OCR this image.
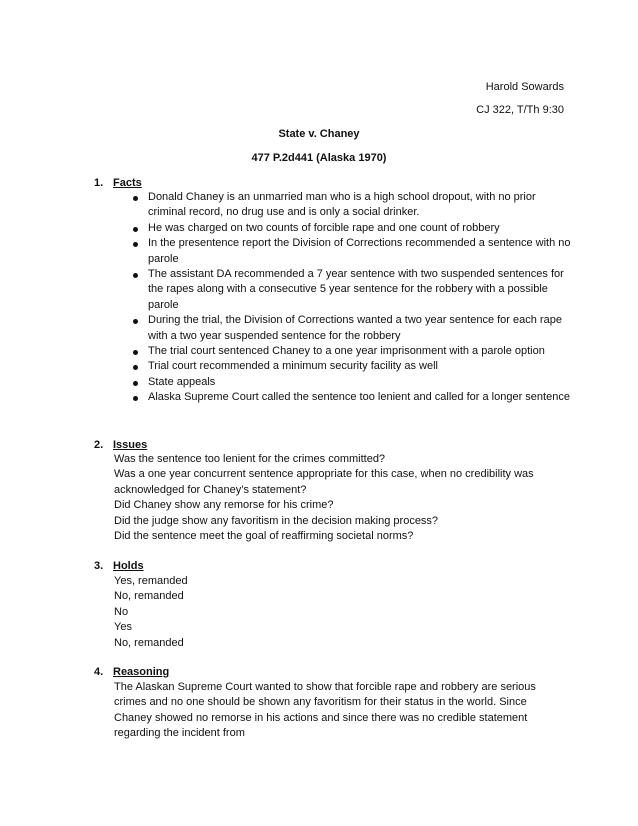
Harold Sowards
CJ 322, T/Th 9:30
State v. Chaney
477 P.2d441 (Alaska 1970)
1. Facts
Donald Chaney is an unmarried man who is a high school dropout, with no prior criminal record, no drug use and is only a social drinker.
He was charged on two counts of forcible rape and one count of robbery
In the presentence report the Division of Corrections recommended a sentence with no parole
The assistant DA recommended a 7 year sentence with two suspended sentences for the rapes along with a consecutive 5 year sentence for the robbery with a possible parole
During the trial, the Division of Corrections wanted a two year sentence for each rape with a two year suspended sentence for the robbery
The trial court sentenced Chaney to a one year imprisonment with a parole option
Trial court recommended a minimum security facility as well
State appeals
Alaska Supreme Court called the sentence too lenient and called for a longer sentence
2. Issues
Was the sentence too lenient for the crimes committed?
Was a one year concurrent sentence appropriate for this case, when no credibility was
acknowledged for Chaney’s statement?
Did Chaney show any remorse for his crime?
Did the judge show any favoritism in the decision making process?
Did the sentence meet the goal of reaffirming societal norms?
3. Holds
Yes, remanded
No, remanded
No
Yes
No, remanded
4. Reasoning
The Alaskan Supreme Court wanted to show that forcible rape and robbery are serious crimes and no one should be shown any favoritism for their status in the world. Since Chaney showed no remorse in his actions and since there was no credible statement regarding the incident from
